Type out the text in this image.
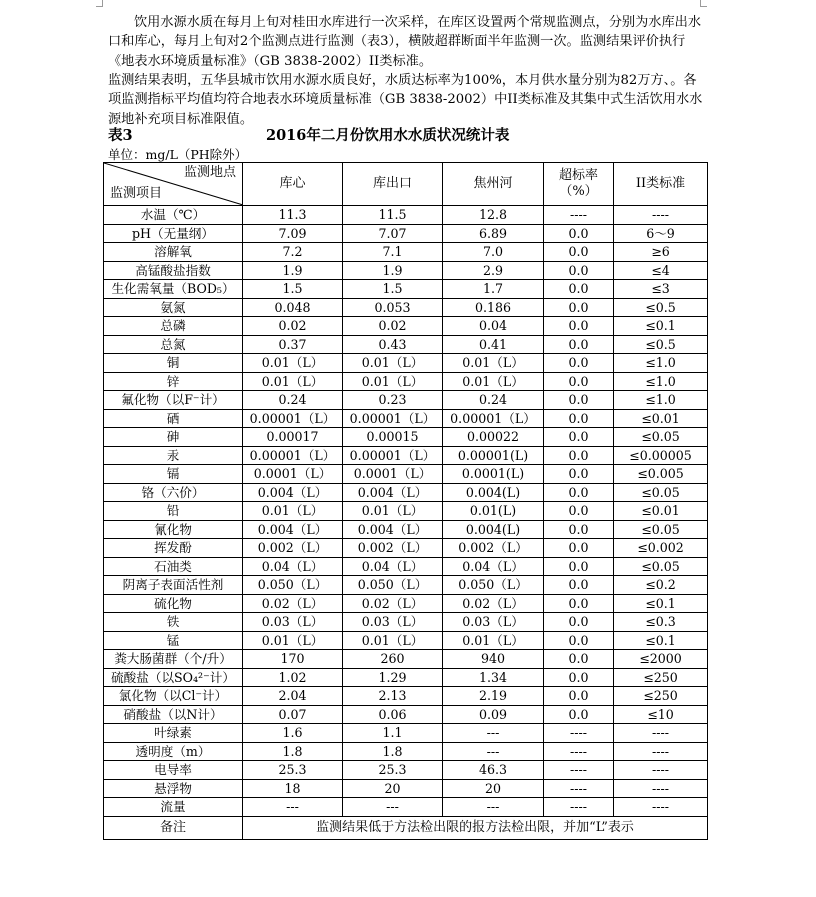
饮用水源水质在每月上旬对桂田水库进行一次采样，在库区设置两个常规监测点，分别为水库出水口和库心，每月上旬对2个监测点进行监测（表3），横陂超群断面半年监测一次。监测结果评价执行《地表水环境质量标准》（GB 3838-2002）II类标准。
监测结果表明，五华县城市饮用水源水质良好，水质达标率为100%，本月供水量分别为82万方、。各项监测指标平均值均符合地表水环境质量标准（GB 3838-2002）中II类标准及其集中式生活饮用水水源地补充项目标准限值。
表3	2016年二月份饮用水水质状况统计表
单位：mg/L（PH除外）
监测地点
监测项目	库心	库出口	焦州河	超标率（%）	II类标准
水温（℃）	11.3	11.5	12.8	----	----
pH（无量纲）	7.09	7.07	6.89	0.0	6～9
溶解氧	7.2	7.1	7.0	0.0	≥6
高锰酸盐指数	1.9	1.9	2.9	0.0	≤4
生化需氧量（BOD₅）	1.5	1.5	1.7	0.0	≤3
氨氮	0.048	0.053	0.186	0.0	≤0.5
总磷	0.02	0.02	0.04	0.0	≤0.1
总氮	0.37	0.43	0.41	0.0	≤0.5
铜	0.01（L）	0.01（L）	0.01（L）	0.0	≤1.0
锌	0.01（L）	0.01（L）	0.01（L）	0.0	≤1.0
氟化物（以F⁻计）	0.24	0.23	0.24	0.0	≤1.0
硒	0.00001（L）	0.00001（L）	0.00001（L）	0.0	≤0.01
砷	0.00017	0.00015	0.00022	0.0	≤0.05
汞	0.00001（L）	0.00001（L）	0.00001(L)	0.0	≤0.00005
镉	0.0001（L）	0.0001（L）	0.0001(L)	0.0	≤0.005
铬（六价）	0.004（L）	0.004（L）	0.004(L)	0.0	≤0.05
铅	0.01（L）	0.01（L）	0.01(L)	0.0	≤0.01
氰化物	0.004（L）	0.004（L）	0.004(L)	0.0	≤0.05
挥发酚	0.002（L）	0.002（L）	0.002（L）	0.0	≤0.002
石油类	0.04（L）	0.04（L）	0.04（L）	0.0	≤0.05
阴离子表面活性剂	0.050（L）	0.050（L）	0.050（L）	0.0	≤0.2
硫化物	0.02（L）	0.02（L）	0.02（L）	0.0	≤0.1
铁	0.03（L）	0.03（L）	0.03（L）	0.0	≤0.3
锰	0.01（L）	0.01（L）	0.01（L）	0.0	≤0.1
粪大肠菌群（个/升）	170	260	940	0.0	≤2000
硫酸盐（以SO₄²⁻计）	1.02	1.29	1.34	0.0	≤250
氯化物（以Cl⁻计）	2.04	2.13	2.19	0.0	≤250
硝酸盐（以N计）	0.07	0.06	0.09	0.0	≤10
叶绿素	1.6	1.1	---	----	----
透明度（m）	1.8	1.8	---	----	----
电导率	25.3	25.3	46.3	----	----
悬浮物	18	20	20	----	----
流量	---	---	---	----	----
备注	监测结果低于方法检出限的报方法检出限，并加“L”表示				
